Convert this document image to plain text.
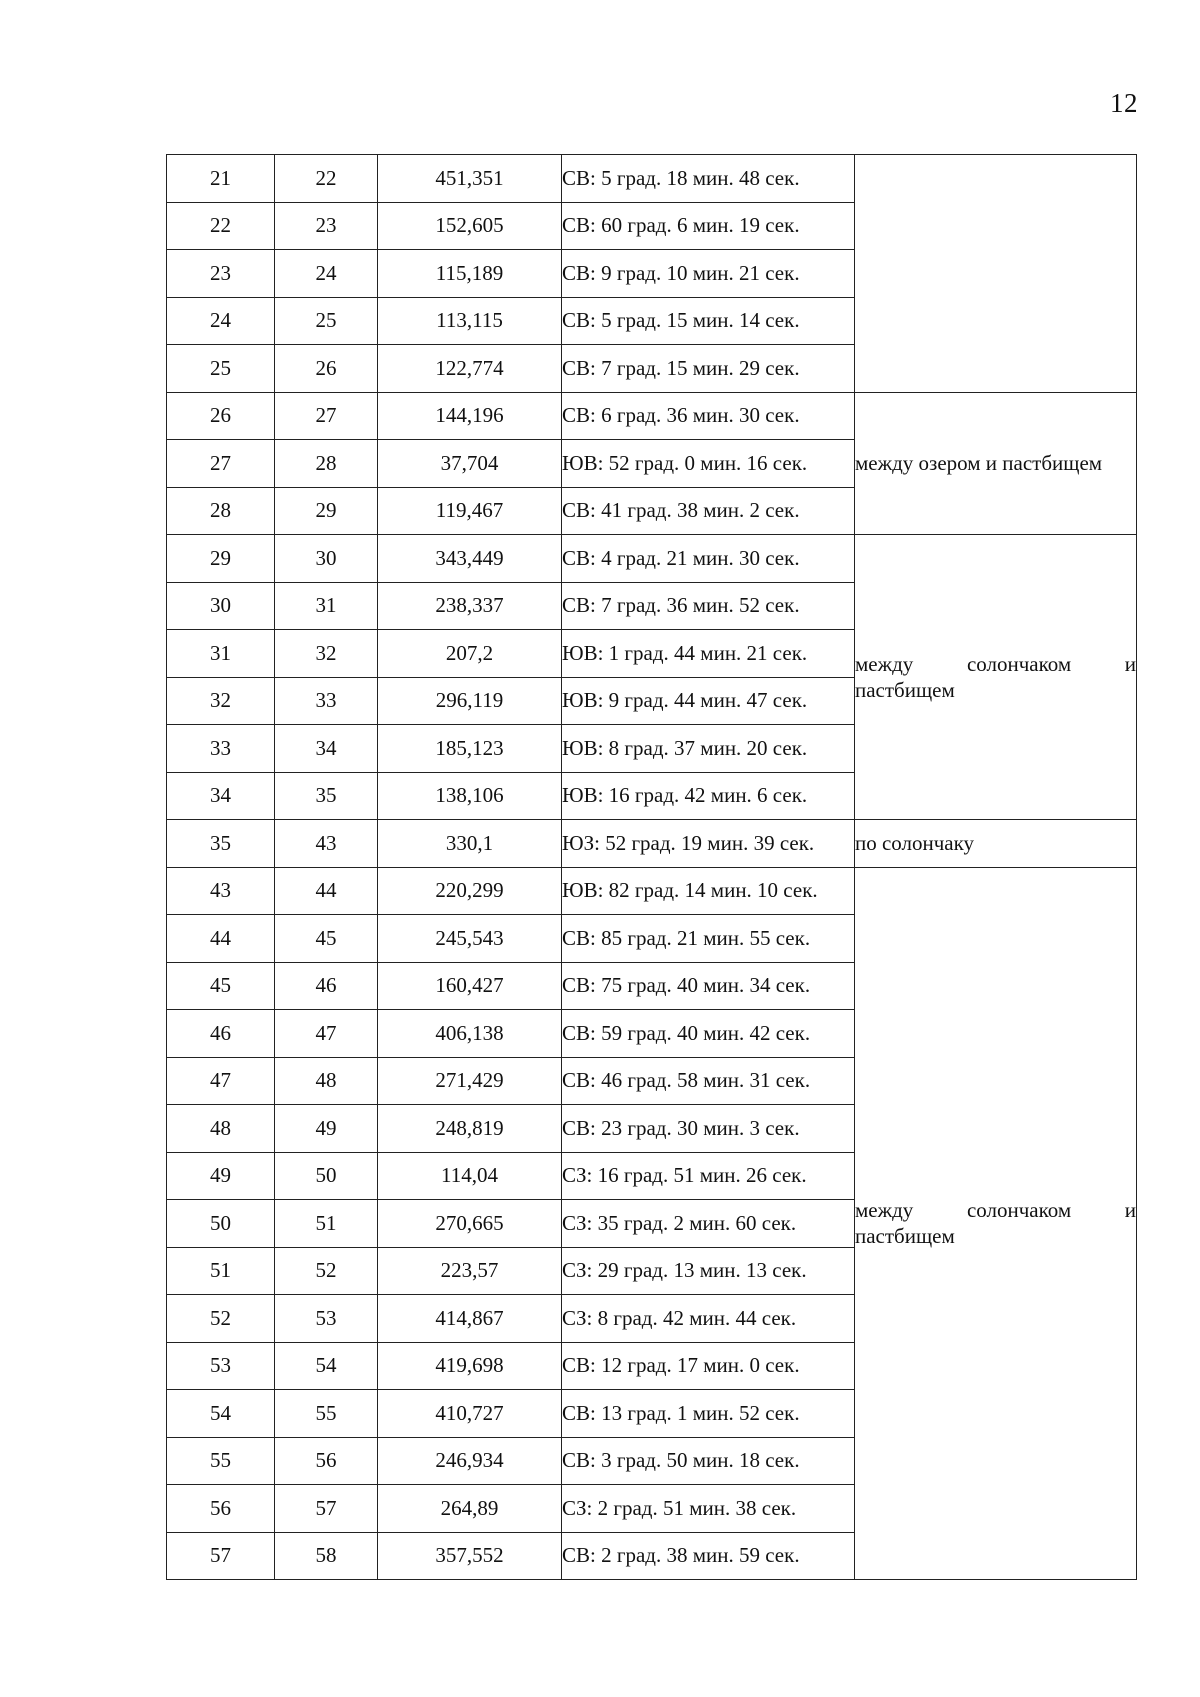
12
21	22	451,351	СВ: 5 град. 18 мин. 48 сек.	
22	23	152,605	СВ: 60 град. 6 мин. 19 сек.	
23	24	115,189	СВ: 9 град. 10 мин. 21 сек.	
24	25	113,115	СВ: 5 град. 15 мин. 14 сек.	
25	26	122,774	СВ: 7 град. 15 мин. 29 сек.	
26	27	144,196	СВ: 6 град. 36 мин. 30 сек.	между озером и пастбищем
27	28	37,704	ЮВ: 52 град. 0 мин. 16 сек.	
28	29	119,467	СВ: 41 град. 38 мин. 2 сек.	
29	30	343,449	СВ: 4 град. 21 мин. 30 сек.	между солончаком и
пастбищем

30	31	238,337	СВ: 7 град. 36 мин. 52 сек.	
31	32	207,2	ЮВ: 1 град. 44 мин. 21 сек.	
32	33	296,119	ЮВ: 9 град. 44 мин. 47 сек.	
33	34	185,123	ЮВ: 8 град. 37 мин. 20 сек.	
34	35	138,106	ЮВ: 16 град. 42 мин. 6 сек.	
35	43	330,1	ЮЗ: 52 град. 19 мин. 39 сек.	по солончаку
43	44	220,299	ЮВ: 82 град. 14 мин. 10 сек.	между солончаком и
пастбищем

44	45	245,543	СВ: 85 град. 21 мин. 55 сек.	
45	46	160,427	СВ: 75 град. 40 мин. 34 сек.	
46	47	406,138	СВ: 59 град. 40 мин. 42 сек.	
47	48	271,429	СВ: 46 град. 58 мин. 31 сек.	
48	49	248,819	СВ: 23 град. 30 мин. 3 сек.	
49	50	114,04	СЗ: 16 град. 51 мин. 26 сек.	
50	51	270,665	СЗ: 35 град. 2 мин. 60 сек.	
51	52	223,57	СЗ: 29 град. 13 мин. 13 сек.	
52	53	414,867	СЗ: 8 град. 42 мин. 44 сек.	
53	54	419,698	СВ: 12 град. 17 мин. 0 сек.	
54	55	410,727	СВ: 13 град. 1 мин. 52 сек.	
55	56	246,934	СВ: 3 град. 50 мин. 18 сек.	
56	57	264,89	СЗ: 2 град. 51 мин. 38 сек.	
57	58	357,552	СВ: 2 град. 38 мин. 59 сек.	
